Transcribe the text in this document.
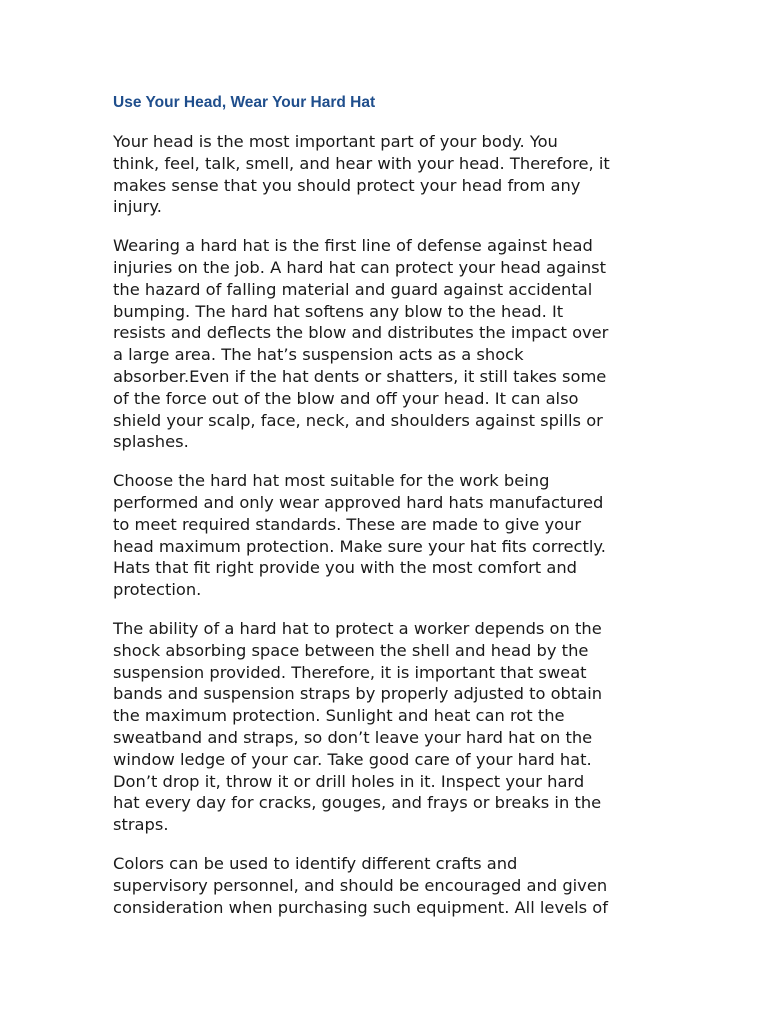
Use Your Head, Wear Your Hard Hat

Your head is the most important part of your body. You
think, feel, talk, smell, and hear with your head. Therefore, it
makes sense that you should protect your head from any
injury.

Wearing a hard hat is the first line of defense against head
injuries on the job. A hard hat can protect your head against
the hazard of falling material and guard against accidental
bumping. The hard hat softens any blow to the head. It
resists and deflects the blow and distributes the impact over
a large area. The hat’s suspension acts as a shock
absorber.Even if the hat dents or shatters, it still takes some
of the force out of the blow and off your head. It can also
shield your scalp, face, neck, and shoulders against spills or
splashes.

Choose the hard hat most suitable for the work being
performed and only wear approved hard hats manufactured
to meet required standards. These are made to give your
head maximum protection. Make sure your hat fits correctly.
Hats that fit right provide you with the most comfort and
protection.

The ability of a hard hat to protect a worker depends on the
shock absorbing space between the shell and head by the
suspension provided. Therefore, it is important that sweat
bands and suspension straps by properly adjusted to obtain
the maximum protection. Sunlight and heat can rot the
sweatband and straps, so don’t leave your hard hat on the
window ledge of your car. Take good care of your hard hat.
Don’t drop it, throw it or drill holes in it. Inspect your hard
hat every day for cracks, gouges, and frays or breaks in the
straps.

Colors can be used to identify different crafts and
supervisory personnel, and should be encouraged and given
consideration when purchasing such equipment. All levels of
